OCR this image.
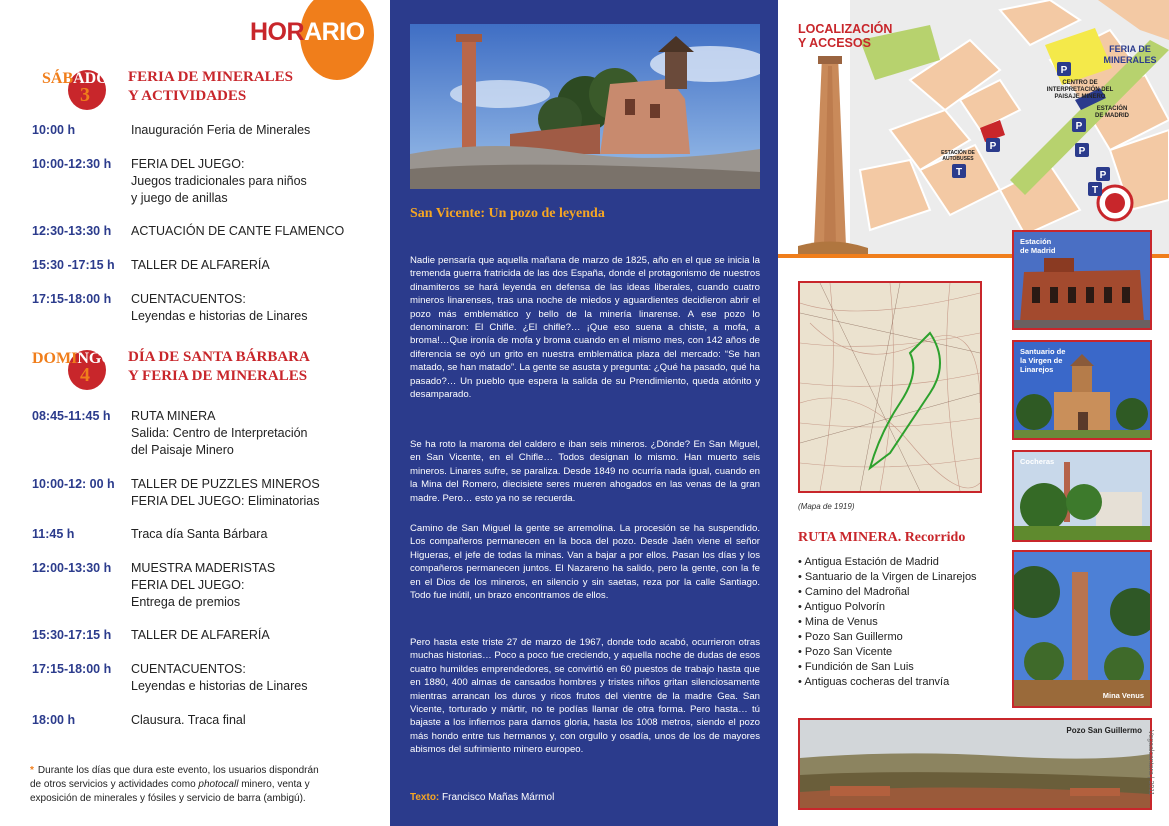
HORARIO
SÁBADO
3
FERIA DE MINERALES
Y ACTIVIDADES
10:00 h	Inauguración Feria de Minerales
10:00-12:30 h FERIA DEL JUEGO:
Juegos tradicionales para niños
y juego de anillas
12:30-13:30 h ACTUACIÓN DE CANTE FLAMENCO
15:30 -17:15 h TALLER DE ALFARERÍA
17:15-18:00 h CUENTACUENTOS:
Leyendas e historias de Linares
DOMINGO
4
DÍA DE SANTA BÁRBARA
Y FERIA DE MINERALES
08:45-11:45 h RUTA MINERA
Salida: Centro de Interpretación
del Paisaje Minero
10:00-12: 00 h TALLER DE PUZZLES MINEROS
FERIA DEL JUEGO: Eliminatorias
11:45 h	Traca día Santa Bárbara
12:00-13:30 h MUESTRA MADERISTAS
FERIA DEL JUEGO:
Entrega de premios
15:30-17:15 h TALLER DE ALFARERÍA
17:15-18:00 h CUENTACUENTOS:
Leyendas e historias de Linares
18:00 h	Clausura. Traca final
* Durante los días que dura este evento, los usuarios dispondrán
de otros servicios y actividades como photocall minero, venta y
exposición de minerales y fósiles y servicio de barra (ambigú).
San Vicente: Un pozo de leyenda

Nadie pensaría que aquella mañana de marzo de 1825, año en el que se inicia la tremenda guerra fratricida de las dos España, donde el protagonismo de nuestros dinamiteros se hará leyenda en defensa de las ideas liberales, cuando cuatro mineros linarenses, tras una noche de miedos y aguardientes decidieron abrir el pozo más emblemático y bello de la minería linarense. A ese pozo lo denominaron: El Chifle. ¿El chifle?… ¡Que eso suena a chiste, a mofa, a broma!…Que ironía de mofa y broma cuando en el mismo mes, con 142 años de diferencia se oyó un grito en nuestra emblemática plaza del mercado: “Se han matado, se han matado”. La gente se asusta y pregunta: ¿Qué ha pasado, qué ha pasado?… Un pueblo que espera la salida de su Prendimiento, queda atónito y desamparado.

Se ha roto la maroma del caldero e iban seis mineros. ¿Dónde? En San Miguel, en San Vicente, en el Chifle… Todos designan lo mismo. Han muerto seis mineros. Linares sufre, se paraliza. Desde 1849 no ocurría nada igual, cuando en la Mina del Romero, diecisiete seres mueren ahogados en las venas de la gran madre. Pero… esto ya no se recuerda.

Camino de San Miguel la gente se arremolina. La procesión se ha suspendido. Los compañeros permanecen en la boca del pozo. Desde Jaén viene el señor Higueras, el jefe de todas la minas. Van a bajar a por ellos. Pasan los días y los compañeros permanecen juntos. El Nazareno ha salido, pero la gente, con la fe en el Dios de los mineros, en silencio y sin saetas, reza por la calle Santiago. Todo fue inútil, un brazo encontramos de ellos.

Pero hasta este triste 27 de marzo de 1967, donde todo acabó, ocurrieron otras muchas historias… Poco a poco fue creciendo, y aquella noche de dudas de esos cuatro humildes emprendedores, se convirtió en 60 puestos de trabajo hasta que en 1880, 400 almas de cansados hombres y tristes niños gritan silenciosamente mientras arrancan los duros y ricos frutos del vientre de la madre Gea. San Vicente, torturado y mártir, no te podías llamar de otra forma. Pero hasta… tú bajaste a los infiernos para darnos gloria, hasta los 1008 metros, siendo el pozo más hondo entre tus hermanos y, con orgullo y osadía, unos de los de mayores abismos del sufrimiento minero europeo.

Texto: Francisco Mañas Mármol
P
P
P
P
P
T
T
FERIA DE
MINERALES
CENTRO DE
INTERPRETACIÓN DEL
PAISAJE MINERO
ESTACIÓN
DE MADRID
ESTACIÓN DE
AUTOBUSES
LOCALIZACIÓN
Y ACCESOS
(Mapa de 1919)
RUTA MINERA. Recorrido
• Antigua Estación de Madrid
• Santuario de la Virgen de Linarejos
• Camino del Madroñal
• Antiguo Polvorín
• Mina de Venus
• Pozo San Guillermo
• Pozo San Vicente
• Fundición de San Luis
• Antiguas cocheras del tranvía
Estación
de Madrid
Santuario de
la Virgen de
Linarejos
Cocheras
Mina Venus
Pozo San Guillermo Vegaalcantara | 2011
